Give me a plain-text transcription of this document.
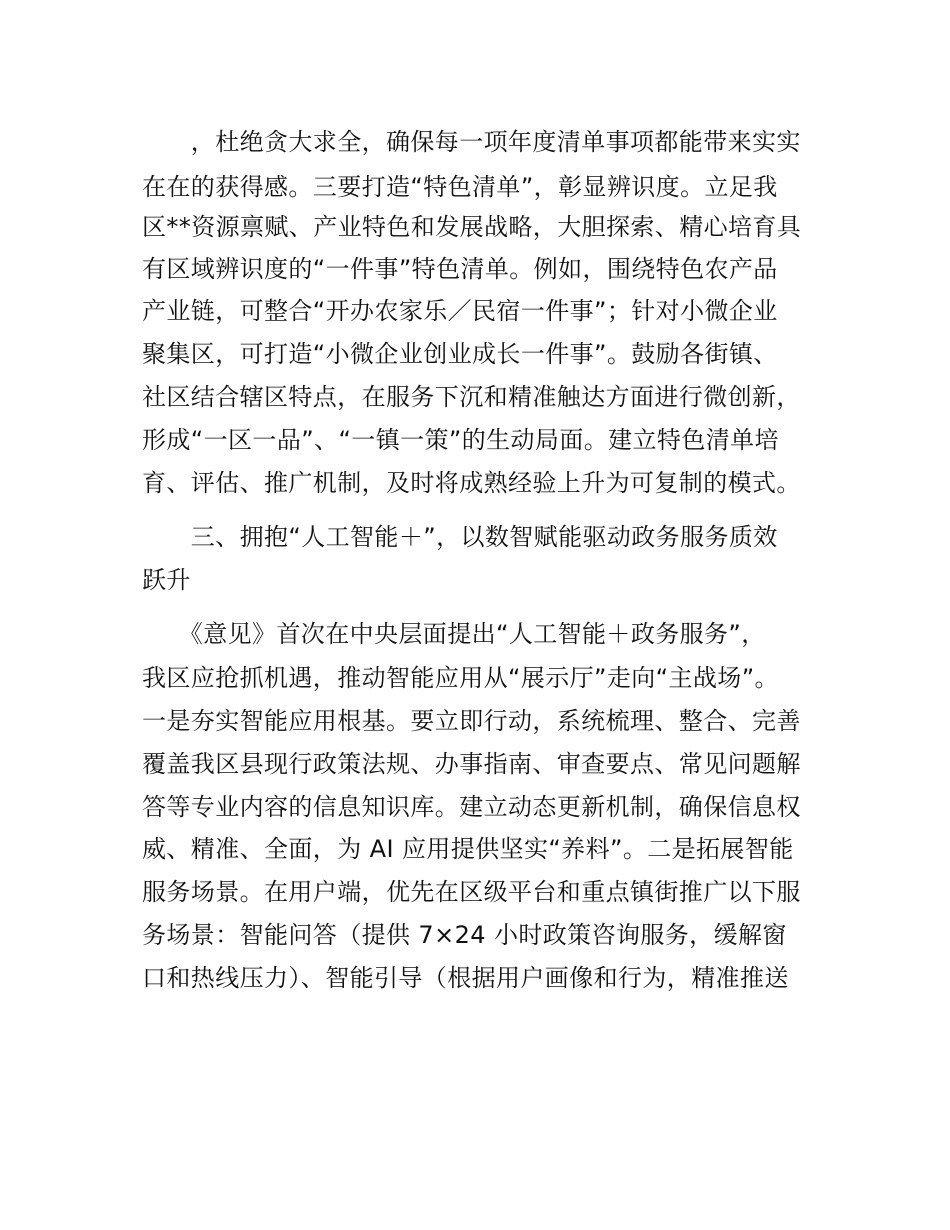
　　，杜绝贪大求全，确保每一项年度清单事项都能带来实实
在在的获得感。三要打造“特色清单”，彰显辨识度。立足我
区**资源禀赋、产业特色和发展战略，大胆探索、精心培育具
有区域辨识度的“一件事”特色清单。例如，围绕特色农产品
产业链，可整合“开办农家乐／民宿一件事”；针对小微企业
聚集区，可打造“小微企业创业成长一件事”。鼓励各街镇、
社区结合辖区特点，在服务下沉和精准触达方面进行微创新，
形成“一区一品”、“一镇一策”的生动局面。建立特色清单培
育、评估、推广机制，及时将成熟经验上升为可复制的模式。
　　三、拥抱“人工智能＋”，以数智赋能驱动政务服务质效
跃升
　　《意见》首次在中央层面提出“人工智能＋政务服务”，
我区应抢抓机遇，推动智能应用从“展示厅”走向“主战场”。
一是夯实智能应用根基。要立即行动，系统梳理、整合、完善
覆盖我区县现行政策法规、办事指南、审查要点、常见问题解
答等专业内容的信息知识库。建立动态更新机制，确保信息权
威、精准、全面，为 AI 应用提供坚实“养料”。二是拓展智能
服务场景。在用户端，优先在区级平台和重点镇街推广以下服
务场景：智能问答（提供 7×24 小时政策咨询服务，缓解窗
口和热线压力）、智能引导（根据用户画像和行为，精准推送
